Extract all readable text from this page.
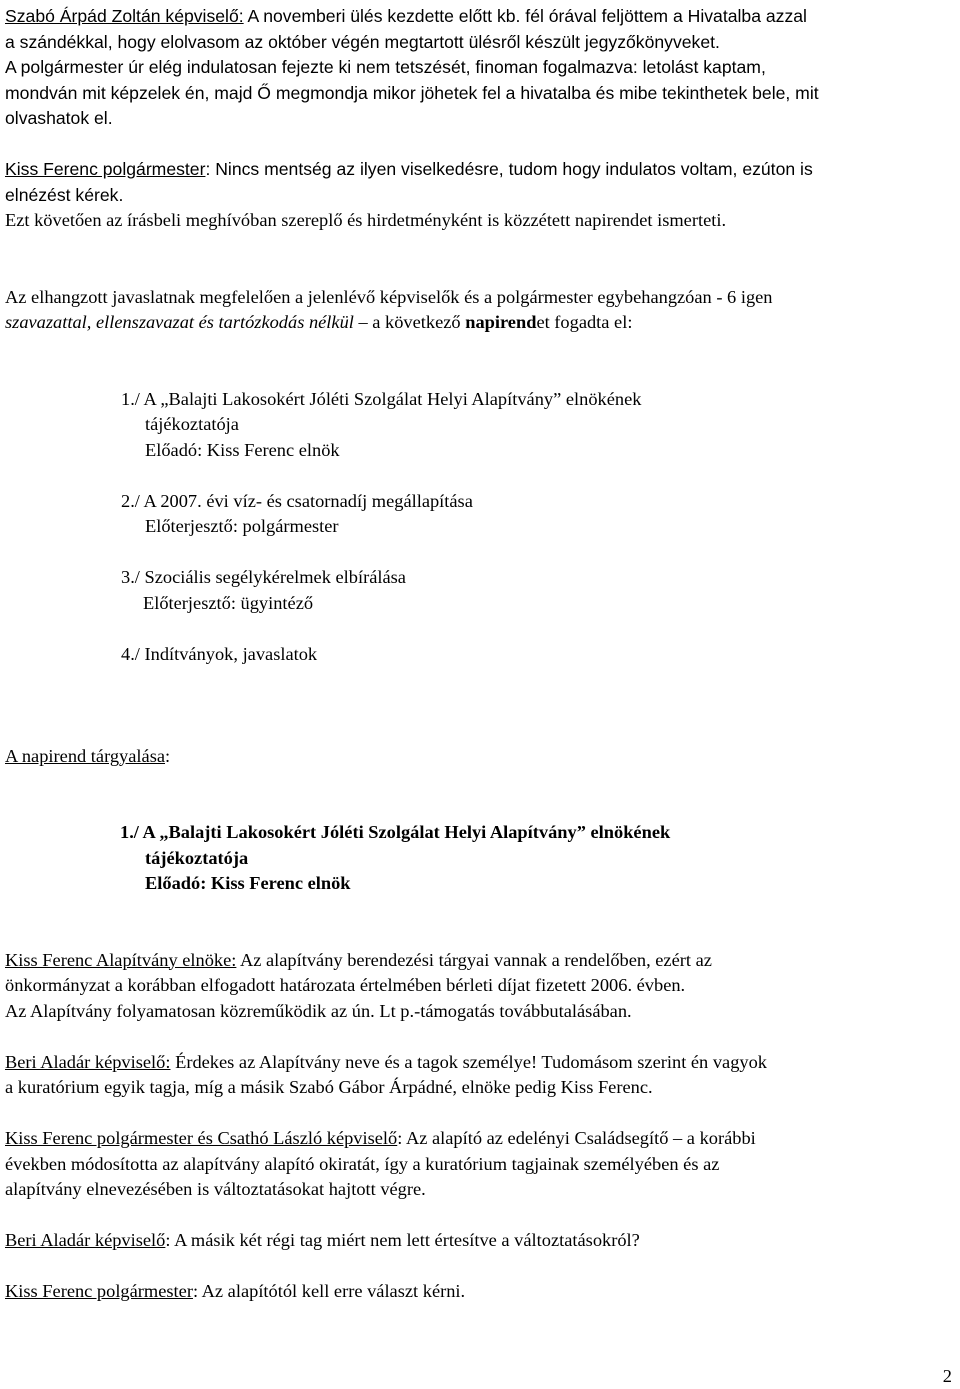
Szabó Árpád Zoltán képviselő: A novemberi ülés kezdette előtt kb. fél órával feljöttem a Hivatalba azzal

a szándékkal, hogy elolvasom az október végén megtartott ülésről készült jegyzőkönyveket.

A polgármester úr elég indulatosan fejezte ki nem tetszését, finoman fogalmazva: letolást kaptam,

mondván mit képzelek én, majd Ő megmondja mikor jöhetek fel a hivatalba és mibe tekinthetek bele, mit

olvashatok el.

Kiss Ferenc polgármester: Nincs mentség az ilyen viselkedésre, tudom hogy indulatos voltam, ezúton is

elnézést kérek.

Ezt követően az írásbeli meghívóban szereplő és hirdetményként is közzétett napirendet ismerteti.

Az elhangzott javaslatnak megfelelően a jelenlévő képviselők és a polgármester egybehangzóan - 6 igen

szavazattal, ellenszavazat és tartózkodás nélkül – a következő napirendet fogadta el:

1./ A „Balajti Lakosokért Jóléti Szolgálat Helyi Alapítvány” elnökének

tájékoztatója

Előadó: Kiss Ferenc elnök

2./ A 2007. évi víz- és csatornadíj megállapítása

Előterjesztő: polgármester

3./ Szociális segélykérelmek elbírálása

Előterjesztő: ügyintéző

4./ Indítványok, javaslatok

A napirend tárgyalása:

1./ A „Balajti Lakosokért Jóléti Szolgálat Helyi Alapítvány” elnökének

tájékoztatója

Előadó: Kiss Ferenc elnök

Kiss Ferenc Alapítvány elnöke: Az alapítvány berendezési tárgyai vannak a rendelőben, ezért az

önkormányzat a korábban elfogadott határozata értelmében bérleti díjat fizetett 2006. évben.

Az Alapítvány folyamatosan közreműködik az ún. Lt p.-támogatás továbbutalásában.

Beri Aladár képviselő: Érdekes az Alapítvány neve és a tagok személye! Tudomásom szerint én vagyok

a kuratórium egyik tagja, míg a másik Szabó Gábor Árpádné, elnöke pedig Kiss Ferenc.

Kiss Ferenc polgármester és Csathó László képviselő: Az alapító az edelényi Családsegítő – a korábbi

években módosította az alapítvány alapító okiratát, így a kuratórium tagjainak személyében és az

alapítvány elnevezésében is változtatásokat hajtott végre.

Beri Aladár képviselő: A másik két régi tag miért nem lett értesítve a változtatásokról?

Kiss Ferenc polgármester: Az alapítótól kell erre választ kérni.

2
